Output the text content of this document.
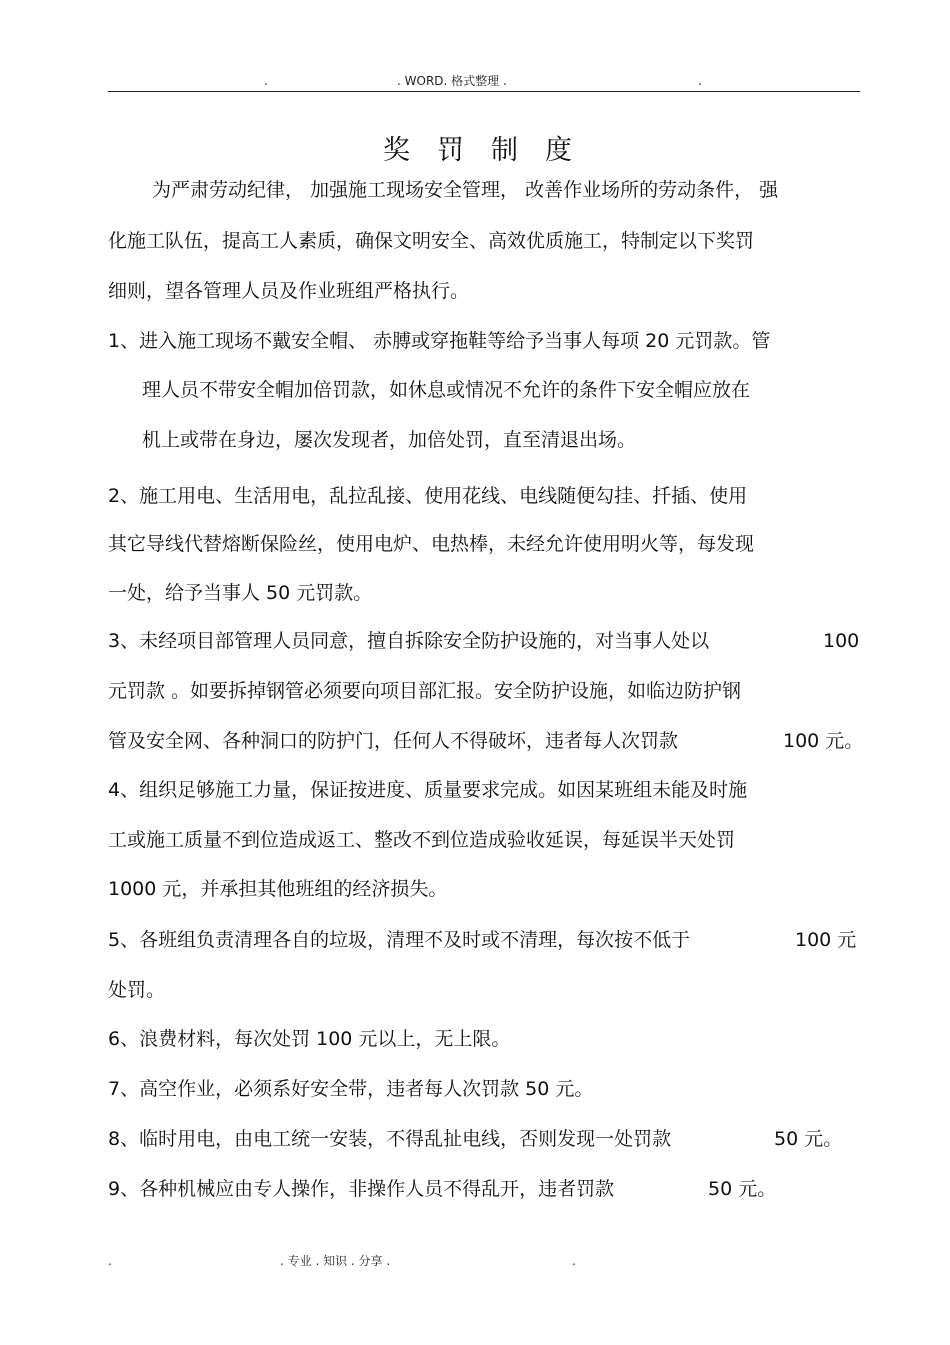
.	. WORD. 格式整理 .	.
奖　罚　制　度
为严肃劳动纪律， 加强施工现场安全管理， 改善作业场所的劳动条件， 强
化施工队伍，提高工人素质，确保文明安全、高效优质施工，特制定以下奖罚
细则，望各管理人员及作业班组严格执行。
1、进入施工现场不戴安全帽、 赤膊或穿拖鞋等给予当事人每项 20 元罚款。管
理人员不带安全帽加倍罚款，如休息或情况不允许的条件下安全帽应放在
机上或带在身边，屡次发现者，加倍处罚，直至清退出场。
2、施工用电、生活用电，乱拉乱接、使用花线、电线随便勾挂、扦插、使用
其它导线代替熔断保险丝，使用电炉、电热棒，未经允许使用明火等，每发现
一处，给予当事人 50 元罚款。
3、未经项目部管理人员同意，擅自拆除安全防护设施的，对当事人处以	100
元罚款 。如要拆掉钢管必须要向项目部汇报。安全防护设施，如临边防护钢
管及安全网、各种洞口的防护门，任何人不得破坏，违者每人次罚款	100 元。
4、组织足够施工力量，保证按进度、质量要求完成。如因某班组未能及时施
工或施工质量不到位造成返工、整改不到位造成验收延误，每延误半天处罚
1000 元，并承担其他班组的经济损失。
5、各班组负责清理各自的垃圾，清理不及时或不清理，每次按不低于	100 元
处罚。
6、浪费材料，每次处罚 100 元以上，无上限。
7、高空作业，必须系好安全带，违者每人次罚款 50 元。
8、临时用电，由电工统一安装，不得乱扯电线，否则发现一处罚款	50 元。
9、各种机械应由专人操作，非操作人员不得乱开，违者罚款	50 元。
.	. 专业 . 知识 . 分享 .	.
